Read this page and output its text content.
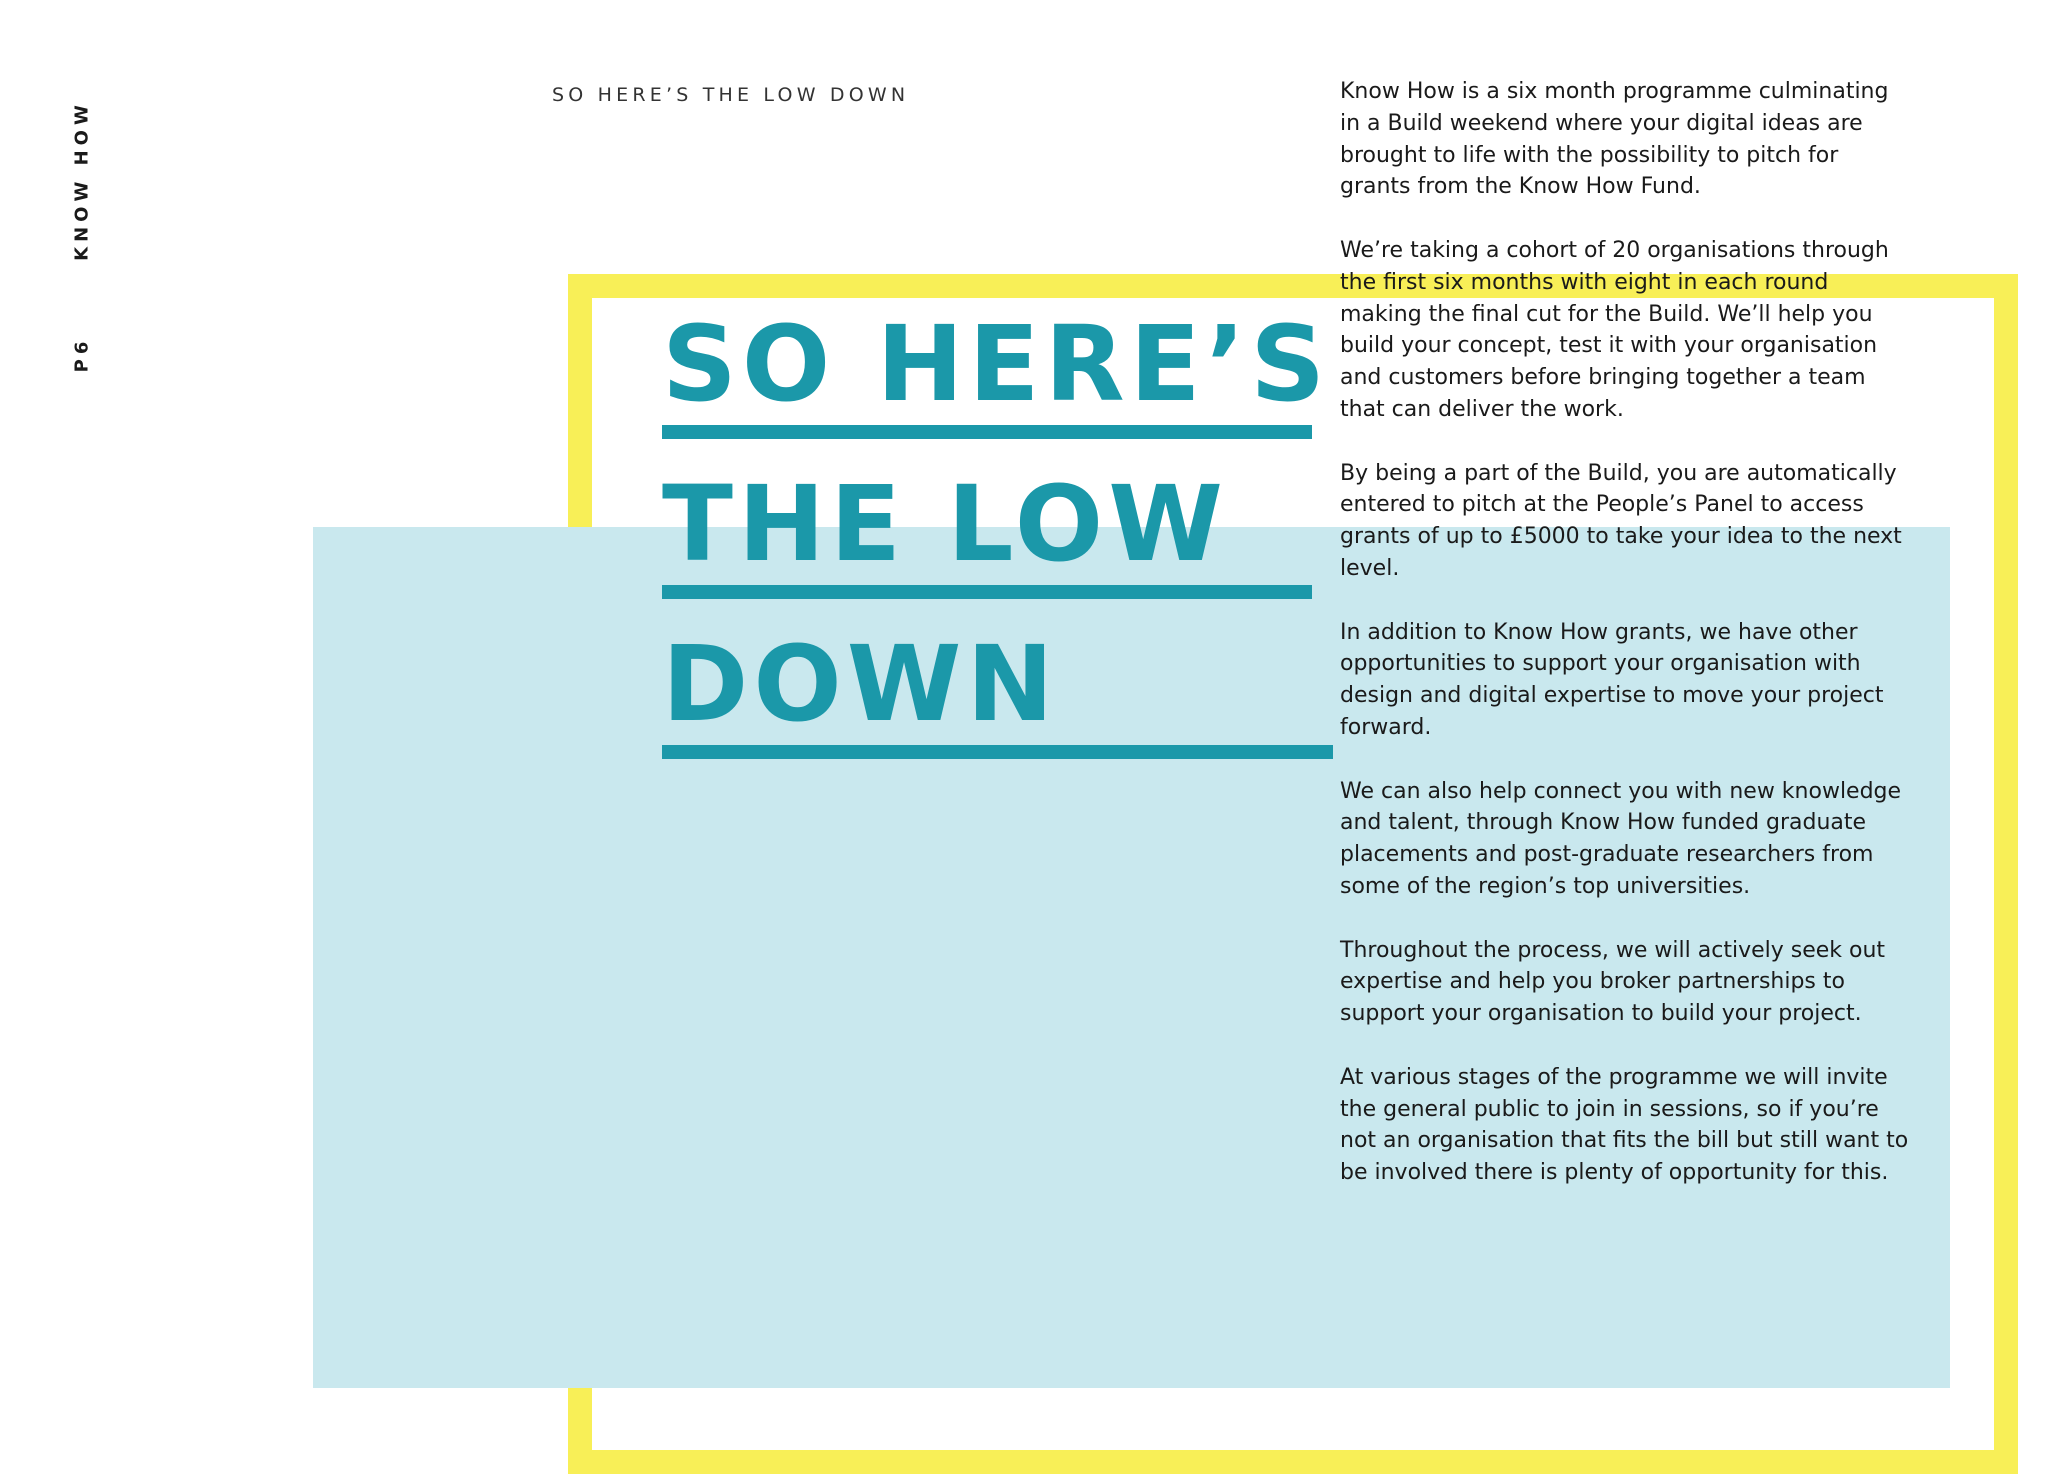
KNOW HOW
P6
SO HERE’S THE LOW DOWN
SO HERE’S
THE LOW
DOWN

Know How is a six month programme culminating in a Build weekend where your digital ideas are brought to life with the possibility to pitch for grants from the Know How Fund.

We’re taking a cohort of 20 organisations through the first six months with eight in each round making the final cut for the Build. We’ll help you build your concept, test it with your organisation and customers before bringing together a team that can deliver the work.

By being a part of the Build, you are automatically entered to pitch at the People’s Panel to access grants of up to £5000 to take your idea to the next level.

In addition to Know How grants, we have other opportunities to support your organisation with design and digital expertise to move your project forward.

We can also help connect you with new knowledge and talent, through Know How funded graduate placements and post-graduate researchers from some of the region’s top universities.

Throughout the process, we will actively seek out expertise and help you broker partnerships to support your organisation to build your project.

At various stages of the programme we will invite the general public to join in sessions, so if you’re not an organisation that fits the bill but still want to be involved there is plenty of opportunity for this.
